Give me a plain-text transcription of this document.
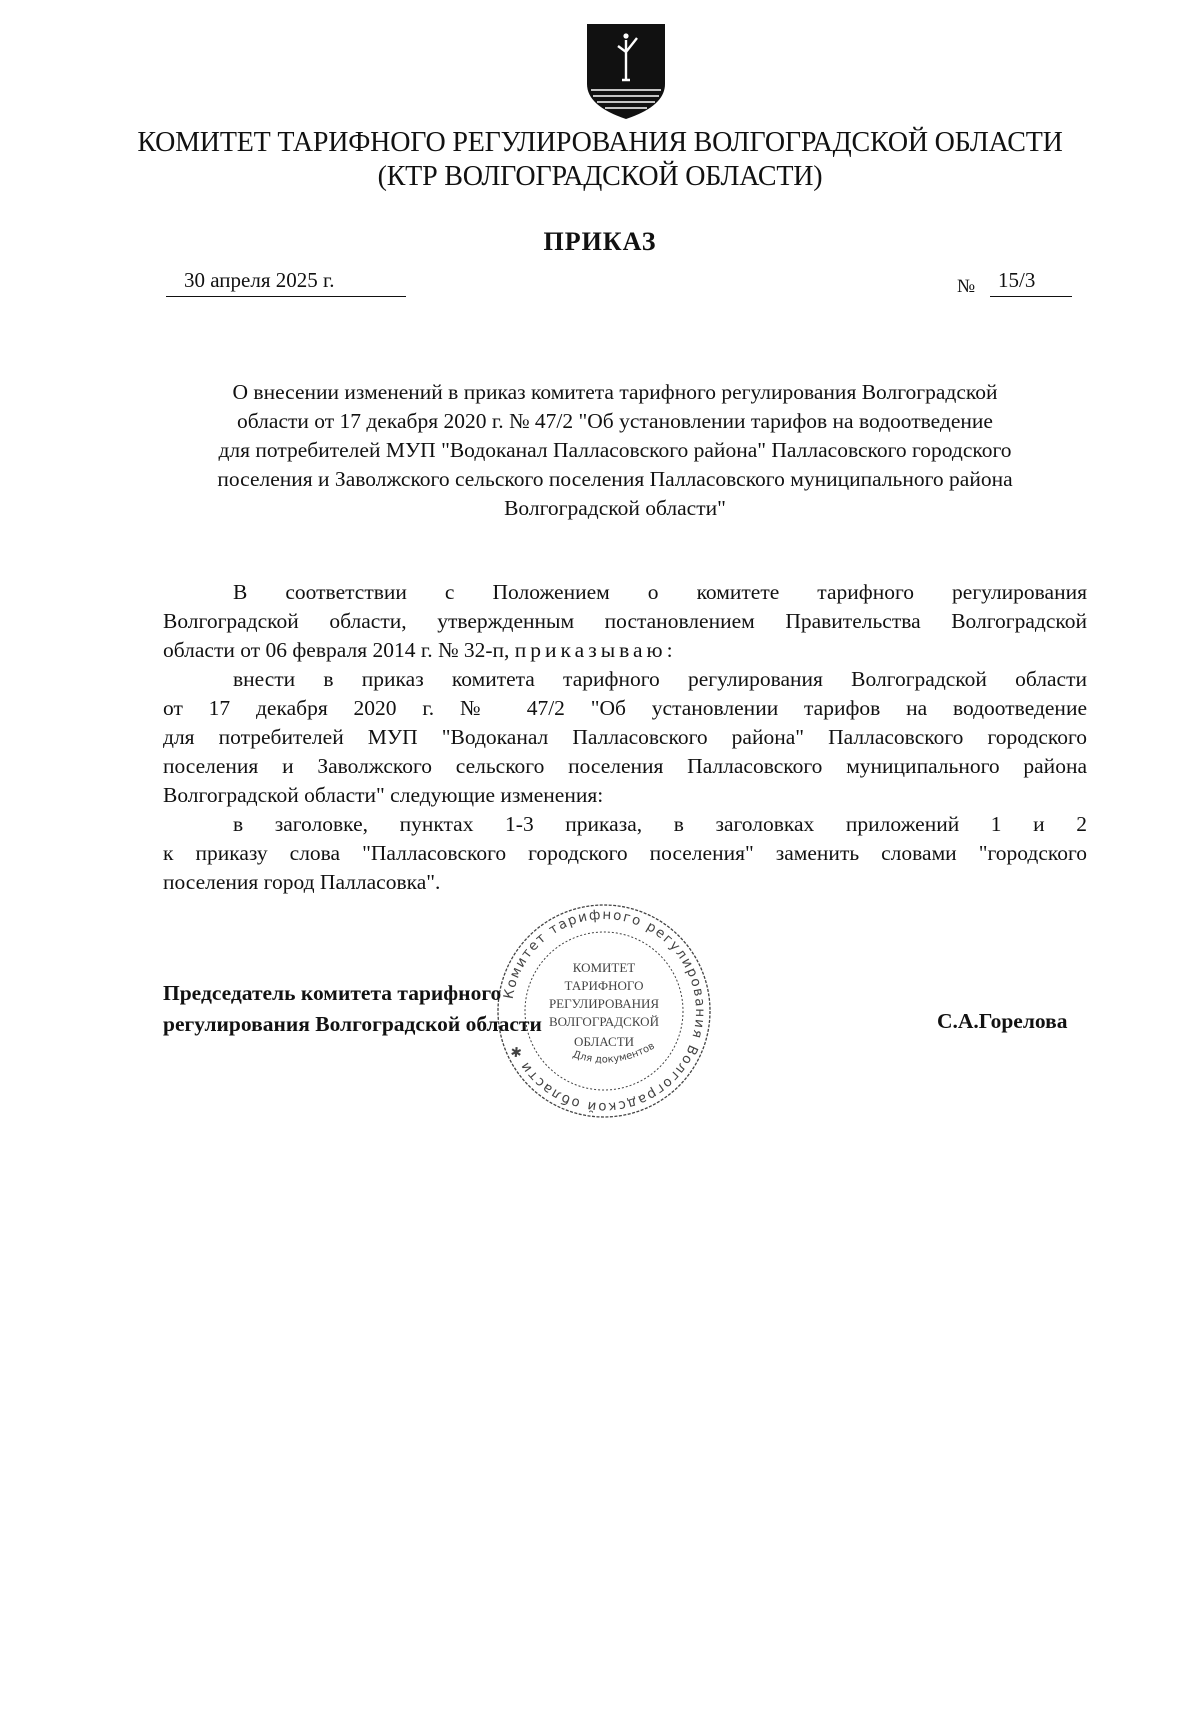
КОМИТЕТ ТАРИФНОГО РЕГУЛИРОВАНИЯ ВОЛГОГРАДСКОЙ ОБЛАСТИ
(КТР ВОЛГОГРАДСКОЙ ОБЛАСТИ)
ПРИКАЗ
30 апреля 2025 г.	№	15/3
О внесении изменений в приказ комитета тарифного регулирования Волгоградской
области от 17 декабря 2020 г. № 47/2 "Об установлении тарифов на водоотведение
для потребителей МУП "Водоканал Палласовского района" Палласовского городского
поселения и Заволжского сельского поселения Палласовского муниципального района
Волгоградской области"
В соответствии с Положением о комитете тарифного регулирования
Волгоградской области, утвержденным постановлением Правительства Волгоградской
области от 06 февраля 2014 г. № 32-п, приказываю:
внести в приказ комитета тарифного регулирования Волгоградской области
от 17 декабря 2020 г. № 47/2 "Об установлении тарифов на водоотведение
для потребителей МУП "Водоканал Палласовского района" Палласовского городского
поселения и Заволжского сельского поселения Палласовского муниципального района
Волгоградской области" следующие изменения:
в заголовке, пунктах 1-3 приказа, в заголовках приложений 1 и 2
к приказу слова "Палласовского городского поселения" заменить словами "городского
поселения город Палласовка".
Председатель комитета тарифного
регулирования Волгоградской области	С.А.Горелова
Комитет тарифного регулирования Волгоградской области ✱
КОМИТЕТ
ТАРИФНОГО
РЕГУЛИРОВАНИЯ
ВОЛГОГРАДСКОЙ
ОБЛАСТИ
Для документов
